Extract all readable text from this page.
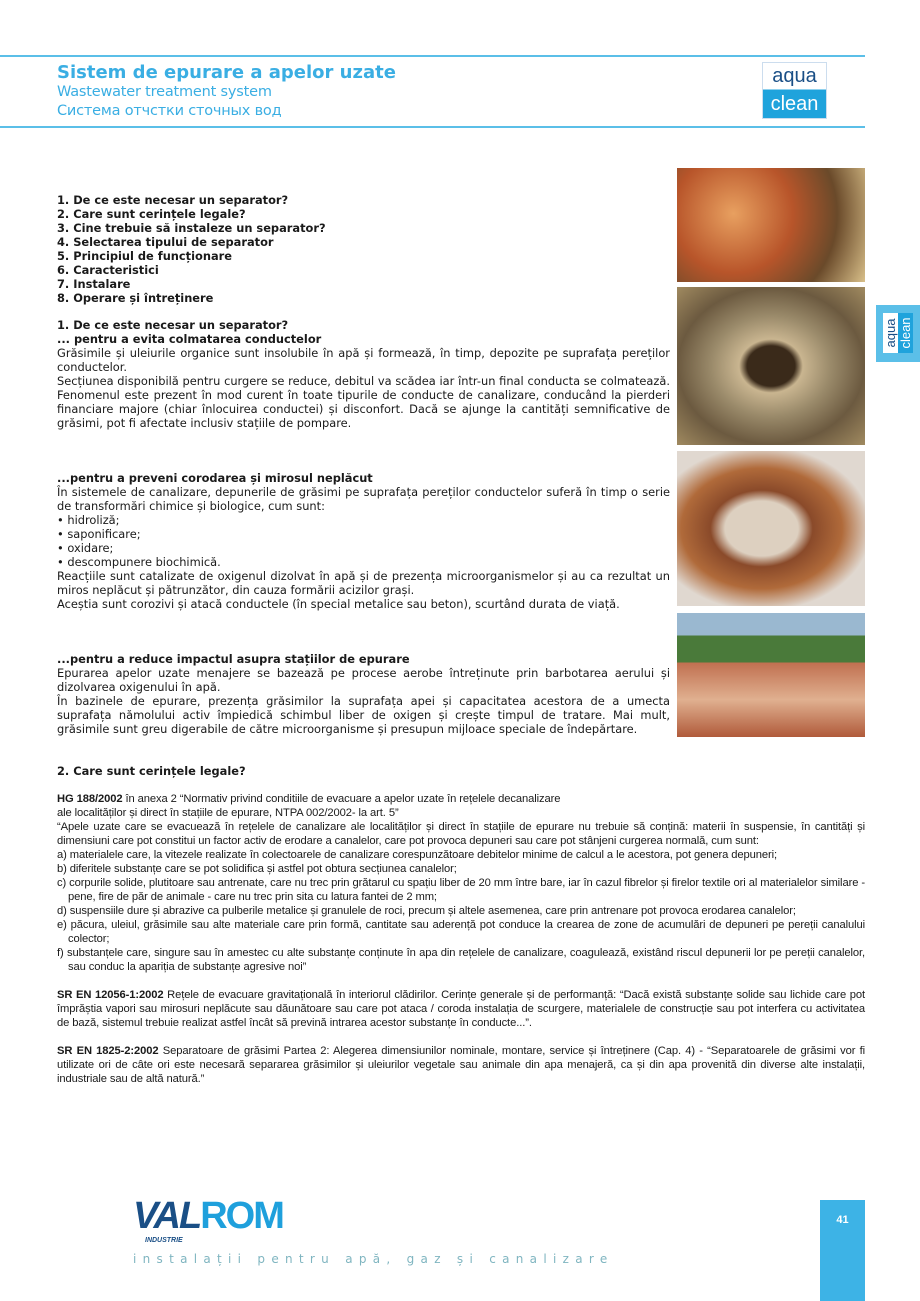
Sistem de epurare a apelor uzate
Wastewater treatment system
Система отчстки сточных вод
aqua
clean
1. De ce este necesar un separator?
2. Care sunt cerințele legale?
3. Cine trebuie să instaleze un separator?
4. Selectarea tipului de separator
5. Principiul de funcționare
6. Caracteristici
7. Instalare
8. Operare și întreținere
1. De ce este necesar un separator?
... pentru a evita colmatarea conductelor

Grăsimile și uleiurile organice sunt insolubile în apă și formează, în timp, depozite pe suprafața pereților conductelor.

Secțiunea disponibilă pentru curgere se reduce, debitul va scădea iar într-un final conducta se colmatează. Fenomenul este prezent în mod curent în toate tipurile de conducte de canalizare, conducând la pierderi financiare majore (chiar înlocuirea conductei) și disconfort. Dacă se ajunge la cantități semnificative de grăsimi, pot fi afectate inclusiv stațiile de pompare.

...pentru a preveni corodarea și mirosul neplăcut

În sistemele de canalizare, depunerile de grăsimi pe suprafața pereților conductelor suferă în timp o serie de transformări chimice și biologice, cum sunt:

• hidroliză;
• saponificare;
• oxidare;
• descompunere biochimică.

Reacțiile sunt catalizate de oxigenul dizolvat în apă și de prezența microorganismelor și au ca rezultat un miros neplăcut și pătrunzător, din cauza formării acizilor grași.

Aceștia sunt corozivi și atacă conductele (în special metalice sau beton), scurtând durata de viață.

...pentru a reduce impactul asupra stațiilor de epurare

Epurarea apelor uzate menajere se bazează pe procese aerobe întreținute prin barbotarea aerului și dizolvarea oxigenului în apă.

În bazinele de epurare, prezența grăsimilor la suprafața apei și capacitatea acestora de a umecta suprafața nămolului activ împiedică schimbul liber de oxigen și crește timpul de tratare. Mai mult, grăsimile sunt greu digerabile de către microorganisme și presupun mijloace speciale de îndepărtare.

aqua clean
2. Care sunt cerințele legale?
HG 188/2002 în anexa 2 “Normativ privind conditiile de evacuare a apelor uzate în rețelele decanalizare
ale localităților și direct în stațiile de epurare, NTPA 002/2002- la art. 5”

“Apele uzate care se evacuează în rețelele de canalizare ale localităților și direct în stațiile de epurare nu trebuie să conțină: materii în suspensie, în cantități și dimensiuni care pot constitui un factor activ de erodare a canalelor, care pot provoca depuneri sau care pot stânjeni curgerea normală, cum sunt:

a) materialele care, la vitezele realizate în colectoarele de canalizare corespunzătoare debitelor minime de calcul a le acestora, pot genera depuneri;

b) diferitele substanțe care se pot solidifica și astfel pot obtura secțiunea canalelor;

c) corpurile solide, plutitoare sau antrenate, care nu trec prin grătarul cu spațiu liber de 20 mm între bare, iar în cazul fibrelor și firelor textile ori al materialelor similare - pene, fire de păr de animale - care nu trec prin sita cu latura fantei de 2 mm;

d) suspensiile dure și abrazive ca pulberile metalice și granulele de roci, precum și altele asemenea, care prin antrenare pot provoca erodarea canalelor;

e) păcura, uleiul, grăsimile sau alte materiale care prin formă, cantitate sau aderență pot conduce la crearea de zone de acumulări de depuneri pe pereții canalului colector;

f) substanțele care, singure sau în amestec cu alte substanțe conținute în apa din rețelele de canalizare, coagulează, existând riscul depunerii lor pe pereții canalelor, sau conduc la apariția de substanțe agresive noi”

SR EN 12056-1:2002 Rețele de evacuare gravitațională în interiorul clădirilor. Cerințe generale și de performanță: “Dacă există substanțe solide sau lichide care pot împrăștia vapori sau mirosuri neplăcute sau dăunătoare sau care pot ataca / coroda instalația de scurgere, materialele de construcție sau pot interfera cu activitatea de bază, sistemul trebuie realizat astfel încât să prevină intrarea acestor substanțe în conducte...”.
SR EN 1825-2:2002 Separatoare de grăsimi Partea 2: Alegerea dimensiunilor nominale, montare, service și întreținere (Cap. 4) - “Separatoarele de grăsimi vor fi utilizate ori de câte ori este necesară separarea grăsimilor și uleiurilor vegetale sau animale din apa menajeră, ca și din apa provenită din diverse alte instalații, industriale sau de altă natură.”
VALROM
INDUSTRIE
instalații pentru apă, gaz și canalizare
41
